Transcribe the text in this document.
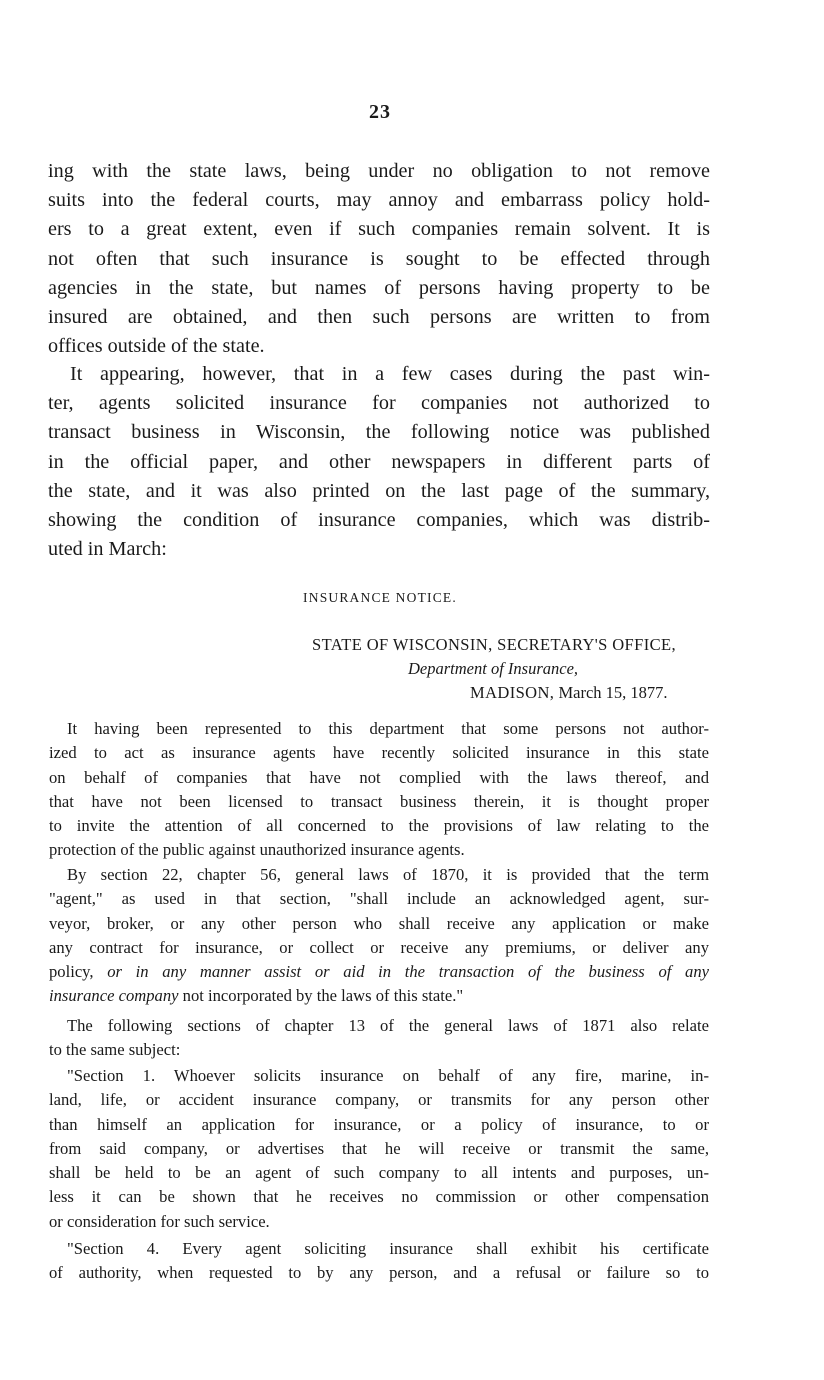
23
ing with the state laws, being under no obligation to not remove
suits into the federal courts, may annoy and embarrass policy hold-
ers to a great extent, even if such companies remain solvent. It is
not often that such insurance is sought to be effected through
agencies in the state, but names of persons having property to be
insured are obtained, and then such persons are written to from
offices outside of the state.
It appearing, however, that in a few cases during the past win-
ter, agents solicited insurance for companies not authorized to
transact business in Wisconsin, the following notice was published
in the official paper, and other newspapers in different parts of
the state, and it was also printed on the last page of the summary,
showing the condition of insurance companies, which was distrib-
uted in March:
INSURANCE NOTICE.
STATE OF WISCONSIN, SECRETARY'S OFFICE,
Department of Insurance,
MADISON, March 15, 1877.
It having been represented to this department that some persons not author-
ized to act as insurance agents have recently solicited insurance in this state
on behalf of companies that have not complied with the laws thereof, and
that have not been licensed to transact business therein, it is thought proper
to invite the attention of all concerned to the provisions of law relating to the
protection of the public against unauthorized insurance agents.
By section 22, chapter 56, general laws of 1870, it is provided that the term
"agent," as used in that section, "shall include an acknowledged agent, sur-
veyor, broker, or any other person who shall receive any application or make
any contract for insurance, or collect or receive any premiums, or deliver any
policy, or in any manner assist or aid in the transaction of the business of any
insurance company not incorporated by the laws of this state."
The following sections of chapter 13 of the general laws of 1871 also relate
to the same subject:
"Section 1. Whoever solicits insurance on behalf of any fire, marine, in-
land, life, or accident insurance company, or transmits for any person other
than himself an application for insurance, or a policy of insurance, to or
from said company, or advertises that he will receive or transmit the same,
shall be held to be an agent of such company to all intents and purposes, un-
less it can be shown that he receives no commission or other compensation
or consideration for such service.
"Section 4. Every agent soliciting insurance shall exhibit his certificate
of authority, when requested to by any person, and a refusal or failure so to
